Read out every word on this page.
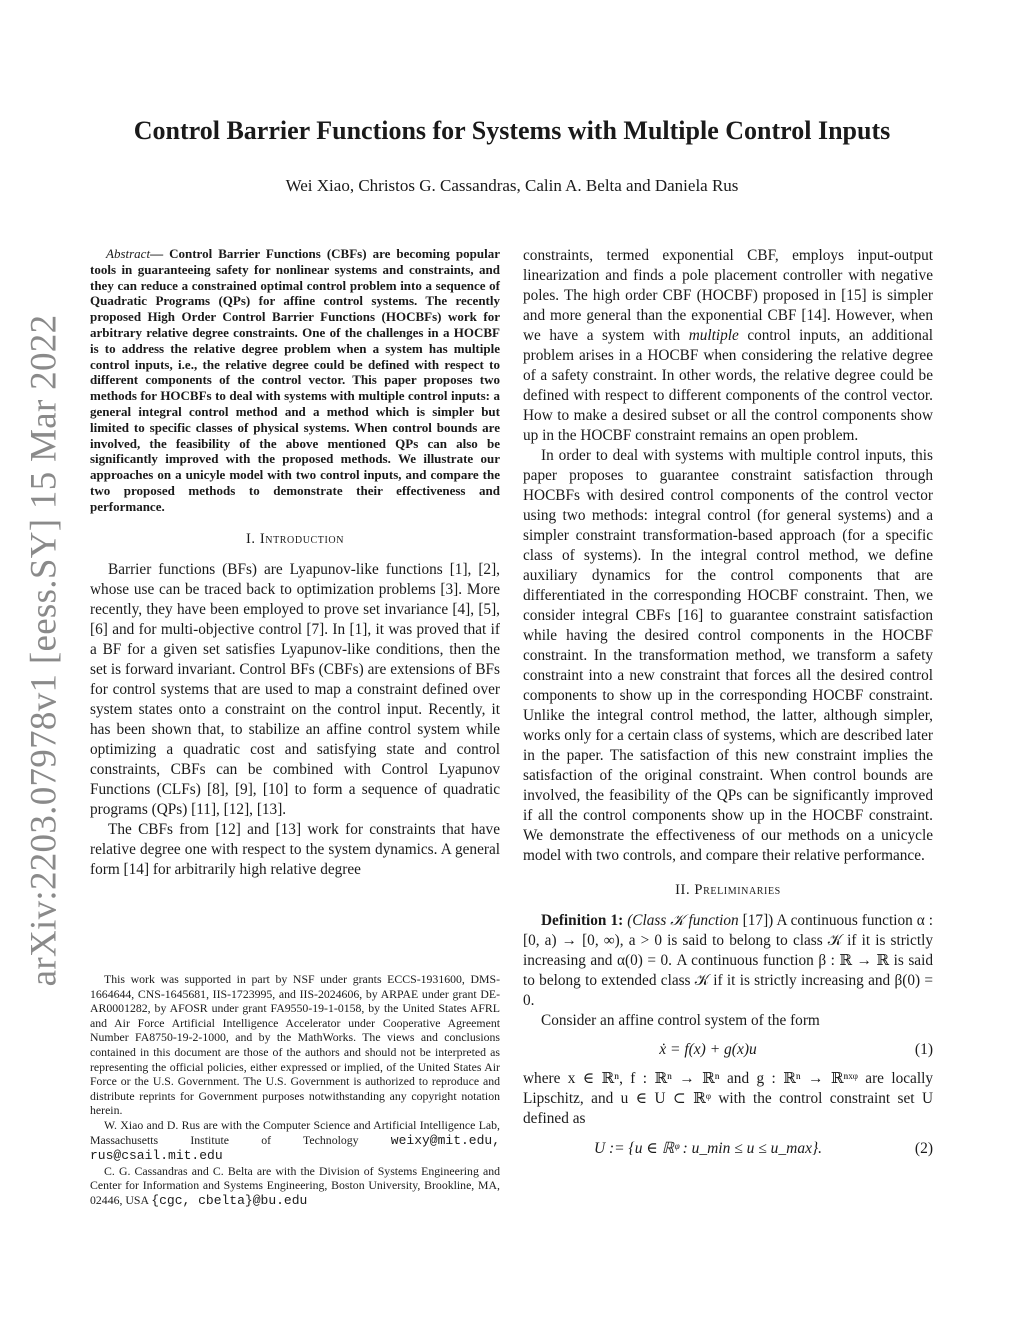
arXiv:2203.07978v1 [eess.SY] 15 Mar 2022
Control Barrier Functions for Systems with Multiple Control Inputs
Wei Xiao, Christos G. Cassandras, Calin A. Belta and Daniela Rus

Abstract— Control Barrier Functions (CBFs) are becoming popular tools in guaranteeing safety for nonlinear systems and constraints, and they can reduce a constrained optimal control problem into a sequence of Quadratic Programs (QPs) for affine control systems. The recently proposed High Order Control Barrier Functions (HOCBFs) work for arbitrary relative degree constraints. One of the challenges in a HOCBF is to address the relative degree problem when a system has multiple control inputs, i.e., the relative degree could be defined with respect to different components of the control vector. This paper proposes two methods for HOCBFs to deal with systems with multiple control inputs: a general integral control method and a method which is simpler but limited to specific classes of physical systems. When control bounds are involved, the feasibility of the above mentioned QPs can also be significantly improved with the proposed methods. We illustrate our approaches on a unicyle model with two control inputs, and compare the two proposed methods to demonstrate their effectiveness and performance.

I. Introduction

Barrier functions (BFs) are Lyapunov-like functions [1], [2], whose use can be traced back to optimization problems [3]. More recently, they have been employed to prove set invariance [4], [5], [6] and for multi-objective control [7]. In [1], it was proved that if a BF for a given set satisfies Lyapunov-like conditions, then the set is forward invariant. Control BFs (CBFs) are extensions of BFs for control systems that are used to map a constraint defined over system states onto a constraint on the control input. Recently, it has been shown that, to stabilize an affine control system while optimizing a quadratic cost and satisfying state and control constraints, CBFs can be combined with Control Lyapunov Functions (CLFs) [8], [9], [10] to form a sequence of quadratic programs (QPs) [11], [12], [13].

The CBFs from [12] and [13] work for constraints that have relative degree one with respect to the system dynamics. A general form [14] for arbitrarily high relative degree

This work was supported in part by NSF under grants ECCS-1931600, DMS-1664644, CNS-1645681, IIS-1723995, and IIS-2024606, by ARPAE under grant DE-AR0001282, by AFOSR under grant FA9550-19-1-0158, by the United States AFRL and Air Force Artificial Intelligence Accelerator under Cooperative Agreement Number FA8750-19-2-1000, and by the MathWorks. The views and conclusions contained in this document are those of the authors and should not be interpreted as representing the official policies, either expressed or implied, of the United States Air Force or the U.S. Government. The U.S. Government is authorized to reproduce and distribute reprints for Government purposes notwithstanding any copyright notation herein.

W. Xiao and D. Rus are with the Computer Science and Artificial Intelligence Lab, Massachusetts Institute of Technology weixy@mit.edu, rus@csail.mit.edu

C. G. Cassandras and C. Belta are with the Division of Systems Engineering and Center for Information and Systems Engineering, Boston University, Brookline, MA, 02446, USA {cgc, cbelta}@bu.edu

constraints, termed exponential CBF, employs input-output linearization and finds a pole placement controller with negative poles. The high order CBF (HOCBF) proposed in [15] is simpler and more general than the exponential CBF [14]. However, when we have a system with multiple control inputs, an additional problem arises in a HOCBF when considering the relative degree of a safety constraint. In other words, the relative degree could be defined with respect to different components of the control vector. How to make a desired subset or all the control components show up in the HOCBF constraint remains an open problem.

In order to deal with systems with multiple control inputs, this paper proposes to guarantee constraint satisfaction through HOCBFs with desired control components of the control vector using two methods: integral control (for general systems) and a simpler constraint transformation-based approach (for a specific class of systems). In the integral control method, we define auxiliary dynamics for the control components that are differentiated in the corresponding HOCBF constraint. Then, we consider integral CBFs [16] to guarantee constraint satisfaction while having the desired control components in the HOCBF constraint. In the transformation method, we transform a safety constraint into a new constraint that forces all the desired control components to show up in the corresponding HOCBF constraint. Unlike the integral control method, the latter, although simpler, works only for a certain class of systems, which are described later in the paper. The satisfaction of this new constraint implies the satisfaction of the original constraint. When control bounds are involved, the feasibility of the QPs can be significantly improved if all the control components show up in the HOCBF constraint. We demonstrate the effectiveness of our methods on a unicycle model with two controls, and compare their relative performance.

II. Preliminaries

Definition 1: (Class 𝒦 function [17]) A continuous function α : [0, a) → [0, ∞), a > 0 is said to belong to class 𝒦 if it is strictly increasing and α(0) = 0. A continuous function β : ℝ → ℝ is said to belong to extended class 𝒦 if it is strictly increasing and β(0) = 0.

Consider an affine control system of the form

ẋ = f(x) + g(x)u	(1)

where x ∈ ℝⁿ, f : ℝⁿ → ℝⁿ and g : ℝⁿ → ℝⁿˣᵠ are locally Lipschitz, and u ∈ U ⊂ ℝᵠ with the control constraint set U defined as

U := {u ∈ ℝᵠ : u_min ≤ u ≤ u_max}.	(2)
